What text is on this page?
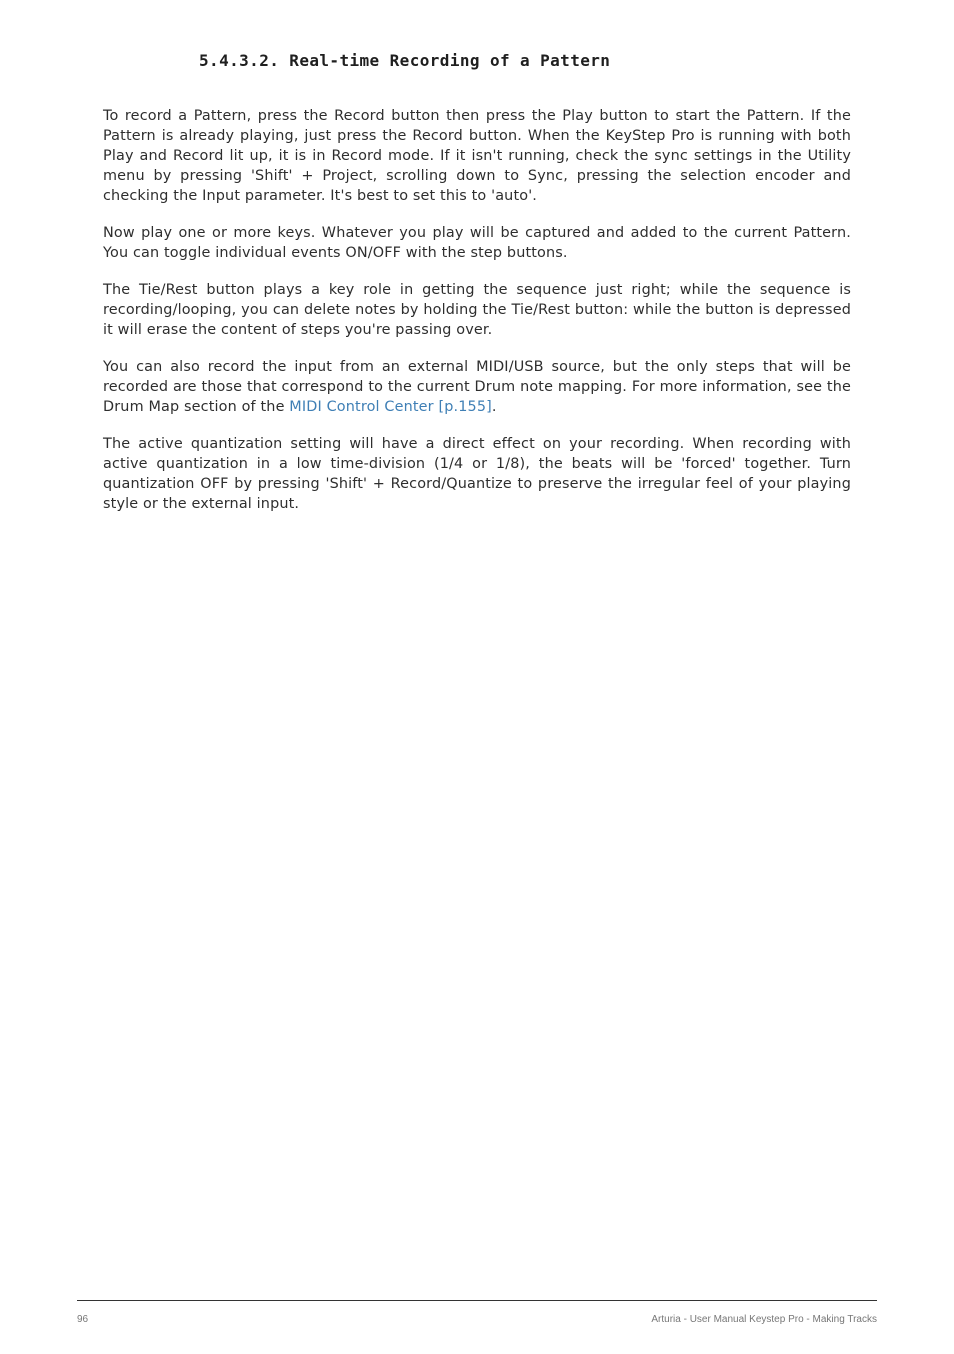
5.4.3.2. Real-time Recording of a Pattern

To record a Pattern, press the Record button then press the Play button to start the Pattern. If the Pattern is already playing, just press the Record button. When the KeyStep Pro is running with both Play and Record lit up, it is in Record mode. If it isn't running, check the sync settings in the Utility menu by pressing 'Shift' + Project, scrolling down to Sync, pressing the selection encoder and checking the Input parameter. It's best to set this to 'auto'.

Now play one or more keys. Whatever you play will be captured and added to the current Pattern. You can toggle individual events ON/OFF with the step buttons.

The Tie/Rest button plays a key role in getting the sequence just right; while the sequence is recording/looping, you can delete notes by holding the Tie/Rest button: while the button is depressed it will erase the content of steps you're passing over.

You can also record the input from an external MIDI/USB source, but the only steps that will be recorded are those that correspond to the current Drum note mapping. For more information, see the Drum Map section of the MIDI Control Center [p.155].

The active quantization setting will have a direct effect on your recording. When recording with active quantization in a low time-division (1/4 or 1/8), the beats will be 'forced' together. Turn quantization OFF by pressing 'Shift' + Record/Quantize to preserve the irregular feel of your playing style or the external input.

96	Arturia - User Manual Keystep Pro - Making Tracks
